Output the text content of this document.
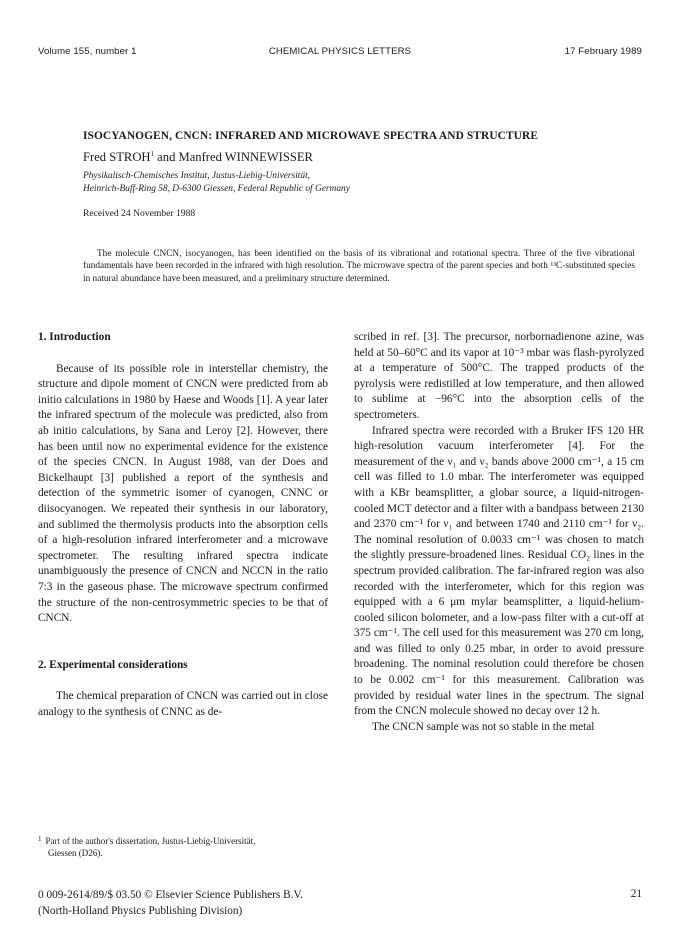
Volume 155, number 1	CHEMICAL PHYSICS LETTERS	17 February 1989
ISOCYANOGEN, CNCN: INFRARED AND MICROWAVE SPECTRA AND STRUCTURE
Fred STROH$^1$ and Manfred WINNEWISSER
Physikalisch-Chemisches Institut, Justus-Liebig-Universität,
Heinrich-Buff-Ring 58, D-6300 Giessen, Federal Republic of Germany
Received 24 November 1988

The molecule CNCN, isocyanogen, has been identified on the basis of its vibrational and rotational spectra. Three of the five vibrational fundamentals have been recorded in the infrared with high resolution. The microwave spectra of the parent species and both ¹³C-substituted species in natural abundance have been measured, and a preliminary structure determined.

1. Introduction

Because of its possible role in interstellar chemistry, the structure and dipole moment of CNCN were predicted from ab initio calculations in 1980 by Haese and Woods [1]. A year later the infrared spectrum of the molecule was predicted, also from ab initio calculations, by Sana and Leroy [2]. However, there has been until now no experimental evidence for the existence of the species CNCN. In August 1988, van der Does and Bickelhaupt [3] published a report of the synthesis and detection of the symmetric isomer of cyanogen, CNNC or diisocyanogen. We repeated their synthesis in our laboratory, and sublimed the thermolysis products into the absorption cells of a high-resolution infrared interferometer and a microwave spectrometer. The resulting infrared spectra indicate unambiguously the presence of CNCN and NCCN in the ratio 7:3 in the gaseous phase. The microwave spectrum confirmed the structure of the non-centrosymmetric species to be that of CNCN.

2. Experimental considerations

The chemical preparation of CNCN was carried out in close analogy to the synthesis of CNNC as de-

scribed in ref. [3]. The precursor, norbornadienone azine, was held at 50–60°C and its vapor at 10⁻³ mbar was flash-pyrolyzed at a temperature of 500°C. The trapped products of the pyrolysis were redistilled at low temperature, and then allowed to sublime at −96°C into the absorption cells of the spectrometers.

Infrared spectra were recorded with a Bruker IFS 120 HR high-resolution vacuum interferometer [4]. For the measurement of the ν₁ and ν₂ bands above 2000 cm⁻¹, a 15 cm cell was filled to 1.0 mbar. The interferometer was equipped with a KBr beamsplitter, a globar source, a liquid-nitrogen-cooled MCT detector and a filter with a bandpass between 2130 and 2370 cm⁻¹ for ν₁ and between 1740 and 2110 cm⁻¹ for ν₂. The nominal resolution of 0.0033 cm⁻¹ was chosen to match the slightly pressure-broadened lines. Residual CO₂ lines in the spectrum provided calibration. The far-infrared region was also recorded with the interferometer, which for this region was equipped with a 6 μm mylar beamsplitter, a liquid-helium-cooled silicon bolometer, and a low-pass filter with a cut-off at 375 cm⁻¹. The cell used for this measurement was 270 cm long, and was filled to only 0.25 mbar, in order to avoid pressure broadening. The nominal resolution could therefore be chosen to be 0.002 cm⁻¹ for this measurement. Calibration was provided by residual water lines in the spectrum. The signal from the CNCN molecule showed no decay over 12 h.

The CNCN sample was not so stable in the metal

$^1$ Part of the author's dissertation, Justus-Liebig-Universität,
Giessen (D26).
0 009-2614/89/$ 03.50 © Elsevier Science Publishers B.V.
(North-Holland Physics Publishing Division)
21
